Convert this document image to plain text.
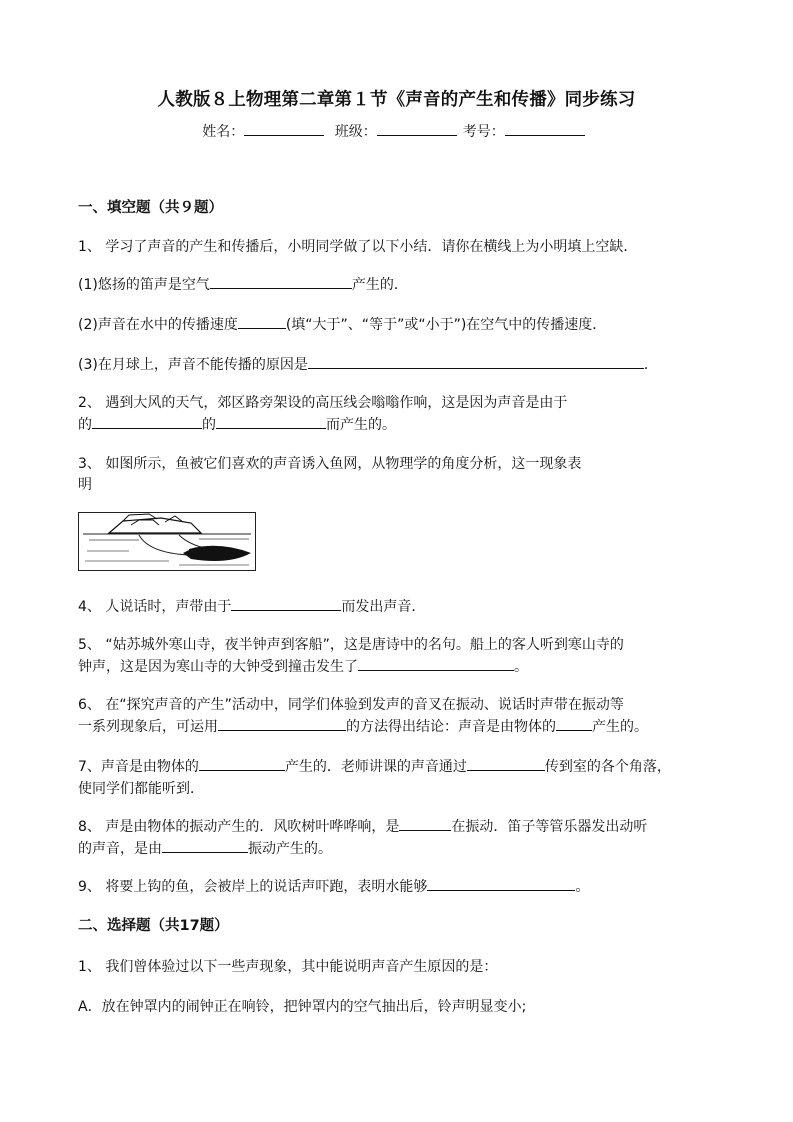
人教版８上物理第二章第１节《声音的产生和传播》同步练习
姓名：	班级：	考号：
一、填空题（共９题）
1、 学习了声音的产生和传播后，小明同学做了以下小结．请你在横线上为小明填上空缺．
(1)悠扬的笛声是空气	产生的．
(2)声音在水中的传播速度	(填“大于”、“等于”或“小于”)在空气中的传播速度．
(3)在月球上，声音不能传播的原因是	．
2、 遇到大风的天气，郊区路旁架设的高压线会嗡嗡作响，这是因为声音是由于
的	的	而产生的。
3、 如图所示，鱼被它们喜欢的声音诱入鱼网，从物理学的角度分析，这一现象表
明
4、 人说话时，声带由于	而发出声音．
5、 “姑苏城外寒山寺，夜半钟声到客船”，这是唐诗中的名句。船上的客人听到寒山寺的
钟声，这是因为寒山寺的大钟受到撞击发生了	。
6、 在“探究声音的产生”活动中，同学们体验到发声的音叉在振动、说话时声带在振动等
一系列现象后，可运用	的方法得出结论：声音是由物体的	产生的。
7、声音是由物体的	产生的．老师讲课的声音通过	传到室的各个角落，
使同学们都能听到．
8、 声是由物体的振动产生的．风吹树叶哗哗响，是	在振动．笛子等管乐器发出动听
的声音，是由	振动产生的。
9、 将要上钩的鱼，会被岸上的说话声吓跑，表明水能够	。
二、选择题（共17题）
1、 我们曾体验过以下一些声现象，其中能说明声音产生原因的是：
A．放在钟罩内的闹钟正在响铃，把钟罩内的空气抽出后，铃声明显变小;
